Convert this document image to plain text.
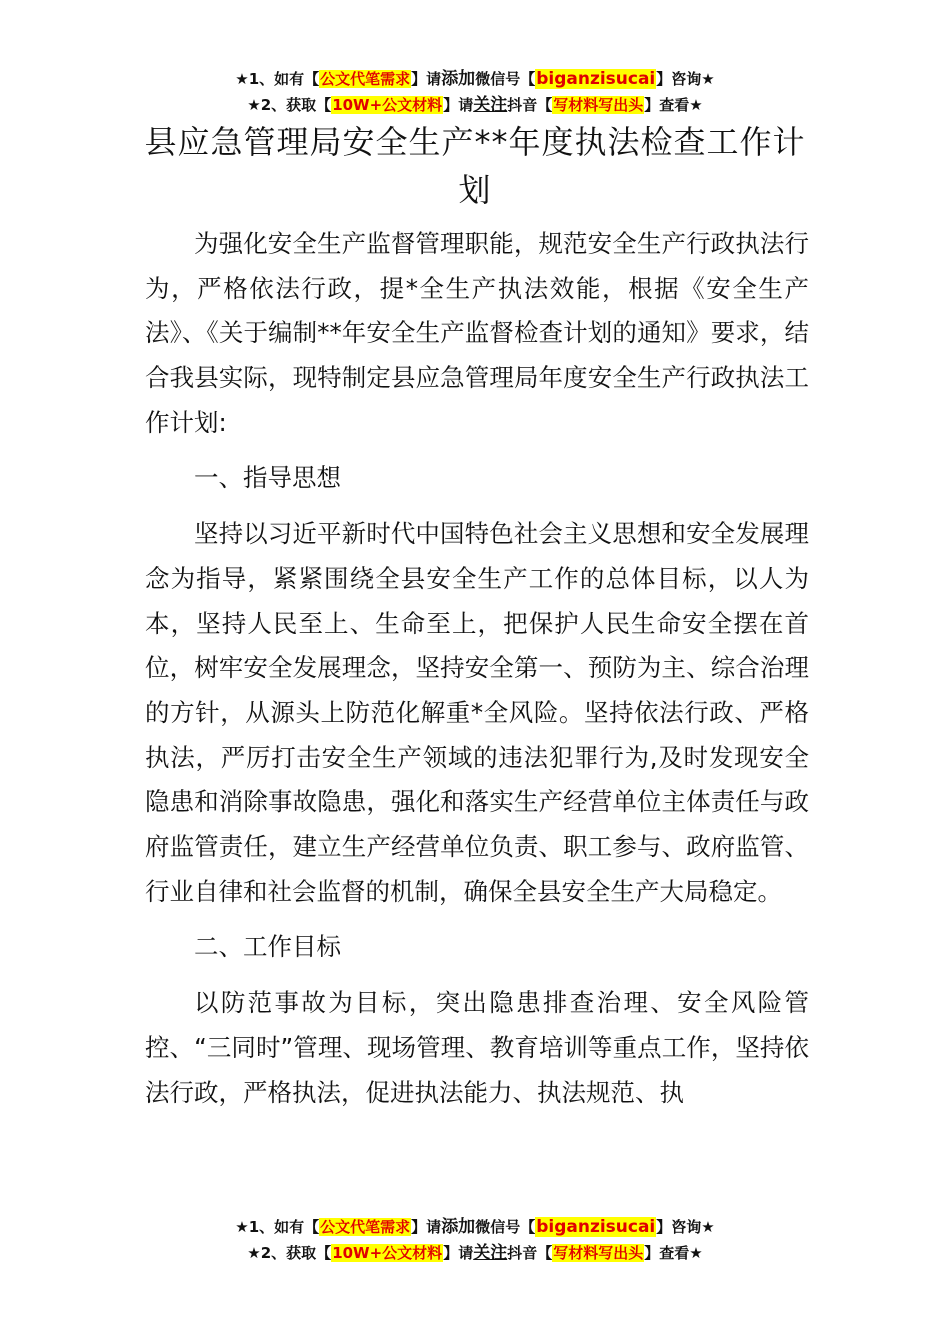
★1、如有【公文代笔需求】请添加微信号【biganzisucai】咨询★
★2、获取【10W+公文材料】请关注抖音【写材料写出头】查看★
县应急管理局安全生产**年度执法检查工作计划

为强化安全生产监督管理职能，规范安全生产行政执法行为，严格依法行政，提*全生产执法效能，根据《安全生产法》、《关于编制**年安全生产监督检查计划的通知》要求，结合我县实际，现特制定县应急管理局年度安全生产行政执法工作计划:

一、指导思想

坚持以习近平新时代中国特色社会主义思想和安全发展理念为指导，紧紧围绕全县安全生产工作的总体目标，以人为本，坚持人民至上、生命至上，把保护人民生命安全摆在首位，树牢安全发展理念，坚持安全第一、预防为主、综合治理的方针，从源头上防范化解重*全风险。坚持依法行政、严格执法，严厉打击安全生产领域的违法犯罪行为,及时发现安全隐患和消除事故隐患，强化和落实生产经营单位主体责任与政府监管责任，建立生产经营单位负责、职工参与、政府监管、行业自律和社会监督的机制，确保全县安全生产大局稳定。

二、工作目标

以防范事故为目标，突出隐患排查治理、安全风险管控、“三同时”管理、现场管理、教育培训等重点工作，坚持依法行政，严格执法，促进执法能力、执法规范、执

★1、如有【公文代笔需求】请添加微信号【biganzisucai】咨询★
★2、获取【10W+公文材料】请关注抖音【写材料写出头】查看★
